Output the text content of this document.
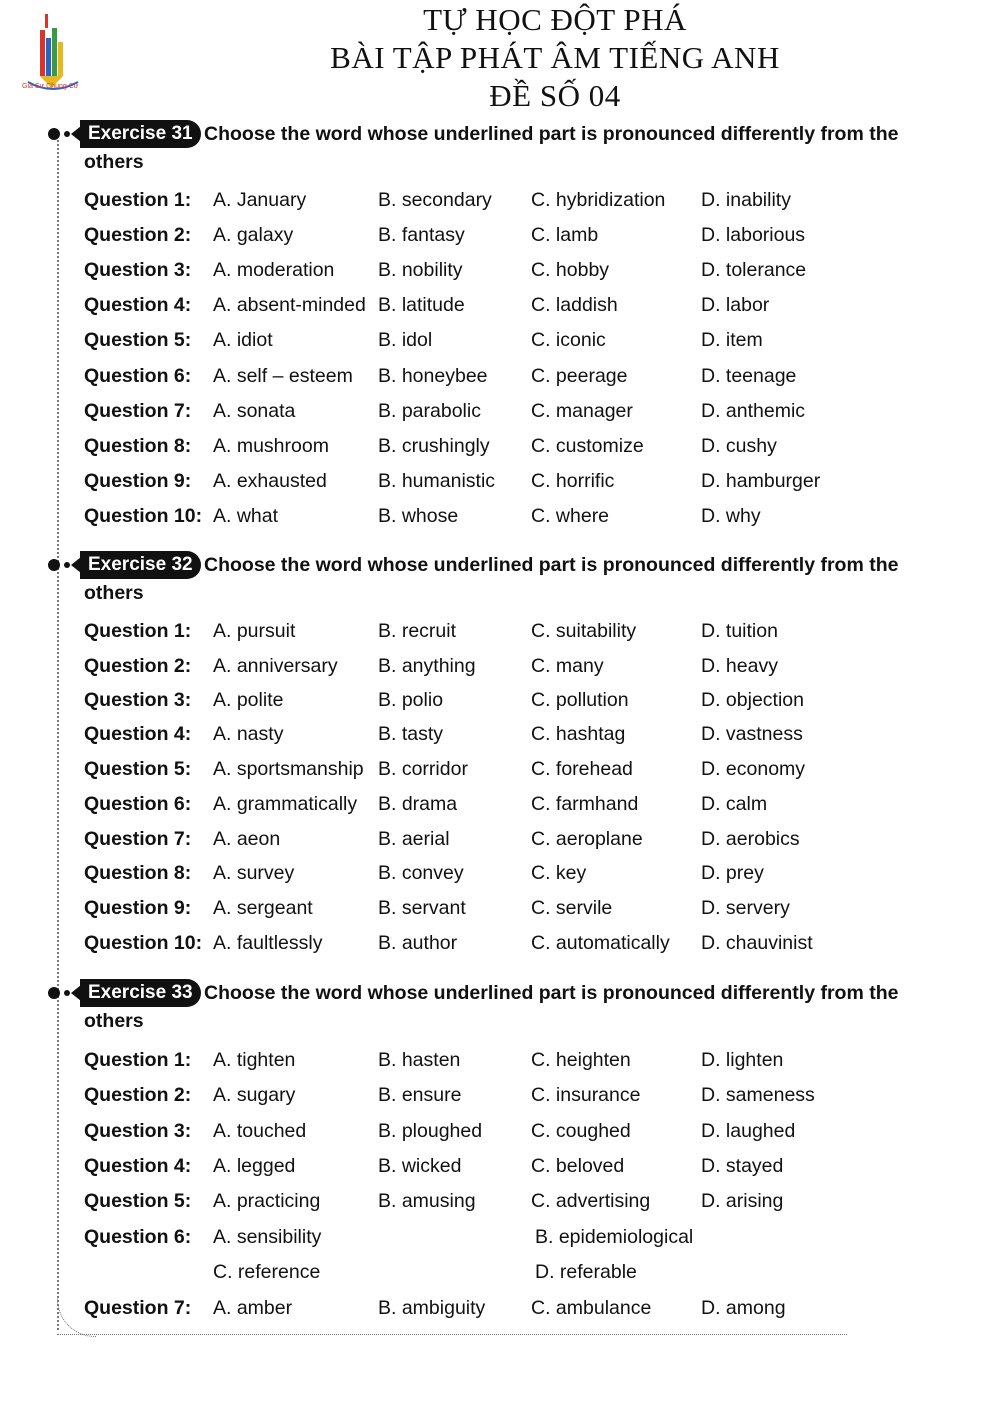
Gia Sư Chung Cư
TỰ HỌC ĐỘT PHÁ
BÀI TẬP PHÁT ÂM TIẾNG ANH
ĐỀ SỐ 04
Exercise 31 Choose the word whose underlined part is pronounced differently from the
others
Question 1: A. January	B. secondary C. hybridization D. inability
Question 2: A. galaxy	B. fantasy	C. lamb	D. laborious
Question 3: A. moderation B. nobility	C. hobby	D. tolerance
Question 4: A. absent-minded B. latitude	C. laddish	D. labor
Question 5: A. idiot	B. idol	C. iconic	D. item
Question 6: A. self – esteem B. honeybee C. peerage	D. teenage
Question 7: A. sonata	B. parabolic	C. manager	D. anthemic
Question 8: A. mushroom	B. crushingly C. customize	D. cushy
Question 9: A. exhausted	B. humanistic C. horrific	D. hamburger
Question 10: A. what	B. whose	C. where	D. why
Exercise 32 Choose the word whose underlined part is pronounced differently from the
others
Question 1: A. pursuit	B. recruit	C. suitability	D. tuition
Question 2: A. anniversary B. anything	C. many	D. heavy
Question 3: A. polite	B. polio	C. pollution	D. objection
Question 4: A. nasty	B. tasty	C. hashtag	D. vastness
Question 5: A. sportsmanship B. corridor	C. forehead	D. economy
Question 6: A. grammatically B. drama	C. farmhand	D. calm
Question 7: A. aeon	B. aerial	C. aeroplane	D. aerobics
Question 8: A. survey	B. convey	C. key	D. prey
Question 9: A. sergeant	B. servant	C. servile	D. servery
Question 10: A. faultlessly	B. author	C. automatically D. chauvinist
Exercise 33 Choose the word whose underlined part is pronounced differently from the
others
Question 1: A. tighten	B. hasten	C. heighten	D. lighten
Question 2: A. sugary	B. ensure	C. insurance	D. sameness
Question 3: A. touched	B. ploughed	C. coughed	D. laughed
Question 4: A. legged	B. wicked	C. beloved	D. stayed
Question 5: A. practicing	B. amusing	C. advertising	D. arising
Question 6: A. sensibility	B. epidemiological
C. reference	D. referable
Question 7: A. amber	B. ambiguity C. ambulance	D. among
